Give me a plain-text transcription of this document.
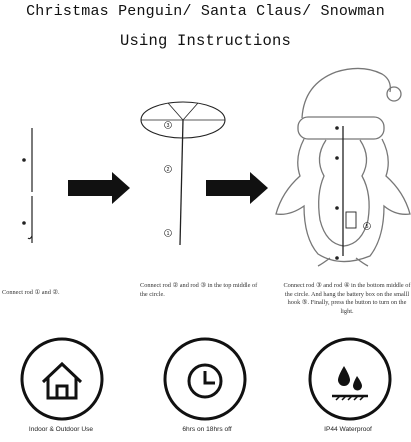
Christmas Penguin/ Santa Claus/ Snowman
Using Instructions
3
2
1
5
Connect rod ① and ②.
Connect rod ② and rod ③ in the top middle of the circle.
Connect rod ③ and rod ④ in the bottom middle of the circle. And hang the battery box on the smalll hook ⑤. Finally, press the button to turn on the light.
Indoor & Outdoor Use	6hrs on 18hrs off	IP44 Waterproof
